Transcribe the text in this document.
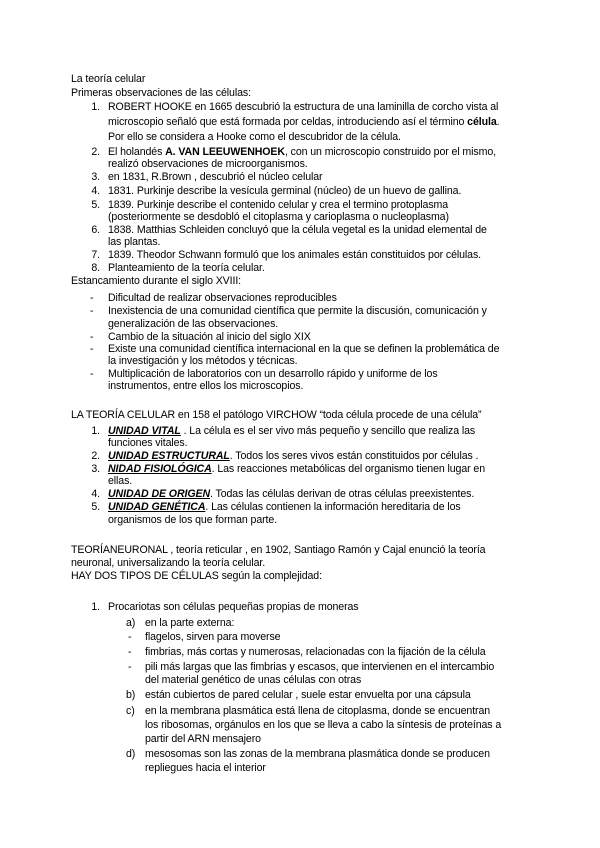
La teoría celular
Primeras observaciones de las células:
1. ROBERT HOOKE en 1665 descubrió la estructura de una laminilla de corcho vista al
microscopio señaló que está formada por celdas, introduciendo así el término célula.
Por ello se considera a Hooke como el descubridor de la célula.
2. El holandés A. VAN LEEUWENHOEK, con un microscopio construido por el mismo,
realizó observaciones de microorganismos.
3. en 1831, R.Brown , descubrió el núcleo celular
4. 1831. Purkinje describe la vesícula germinal (núcleo) de un huevo de gallina.
5. 1839. Purkinje describe el contenido celular y crea el termino protoplasma
(posteriormente se desdobló el citoplasma y carioplasma o nucleoplasma)
6. 1838. Matthias Schleiden concluyó que la célula vegetal es la unidad elemental de
las plantas.
7. 1839. Theodor Schwann formuló que los animales están constituidos por células.
8. Planteamiento de la teoría celular.
Estancamiento durante el siglo XVIII:
- Dificultad de realizar observaciones reproducibles
- Inexistencia de una comunidad científica que permite la discusión, comunicación y
generalización de las observaciones.
- Cambio de la situación al inicio del siglo XIX
- Existe una comunidad científica internacional en la que se definen la problemática de
la investigación y los métodos y técnicas.
- Multiplicación de laboratorios con un desarrollo rápido y uniforme de los
instrumentos, entre ellos los microscopios.
LA TEORÍA CELULAR en 158 el patólogo VIRCHOW “toda célula procede de una célula”
1. UNIDAD VITAL . La célula es el ser vivo más pequeño y sencillo que realiza las
funciones vitales.
2. UNIDAD ESTRUCTURAL. Todos los seres vivos están constituidos por células .
3. NIDAD FISIOLÓGICA. Las reacciones metabólicas del organismo tienen lugar en
ellas.
4. UNIDAD DE ORIGEN. Todas las células derivan de otras células preexistentes.
5. UNIDAD GENÉTICA. Las células contienen la información hereditaria de los
organismos de los que forman parte.
TEORÍANEURONAL , teoría reticular , en 1902, Santiago Ramón y Cajal enunció la teoría
neuronal, universalizando la teoría celular.
HAY DOS TIPOS DE CÉLULAS según la complejidad:
1. Procariotas son células pequeñas propias de moneras
a) en la parte externa:
- flagelos, sirven para moverse
- fimbrias, más cortas y numerosas, relacionadas con la fijación de la célula
- pili más largas que las fimbrias y escasos, que intervienen en el intercambio
del material genético de unas células con otras
b) están cubiertos de pared celular , suele estar envuelta por una cápsula
c) en la membrana plasmática está llena de citoplasma, donde se encuentran
los ribosomas, orgánulos en los que se lleva a cabo la síntesis de proteínas a
partir del ARN mensajero
d) mesosomas son las zonas de la membrana plasmática donde se producen
repliegues hacia el interior
